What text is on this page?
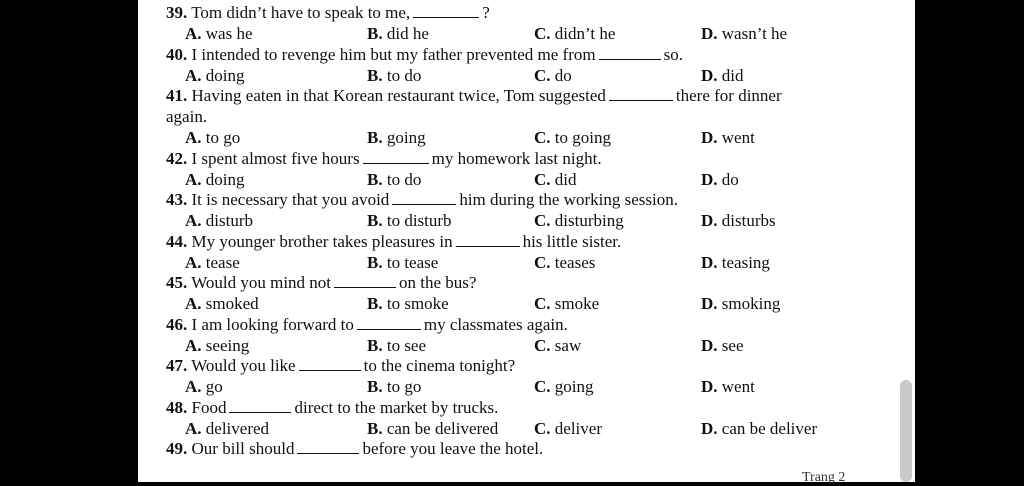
39. Tom didn’t have to speak to me,	?
A. was he	B. did he	C. didn’t he	D. wasn’t he
40. I intended to revenge him but my father prevented me from	so.
A. doing	B. to do	C. do	D. did
41. Having eaten in that Korean restaurant twice, Tom suggested	there for dinner
again.
A. to go	B. going	C. to going	D. went
42. I spent almost five hours	my homework last night.
A. doing	B. to do	C. did	D. do
43. It is necessary that you avoid	him during the working session.
A. disturb	B. to disturb	C. disturbing	D. disturbs
44. My younger brother takes pleasures in	his little sister.
A. tease	B. to tease	C. teases	D. teasing
45. Would you mind not	on the bus?
A. smoked	B. to smoke	C. smoke	D. smoking
46. I am looking forward to	my classmates again.
A. seeing	B. to see	C. saw	D. see
47. Would you like	to the cinema tonight?
A. go	B. to go	C. going	D. went
48. Food	direct to the market by trucks.
A. delivered	B. can be delivered C. deliver	D. can be deliver
49. Our bill should	before you leave the hotel.
Trang 2
